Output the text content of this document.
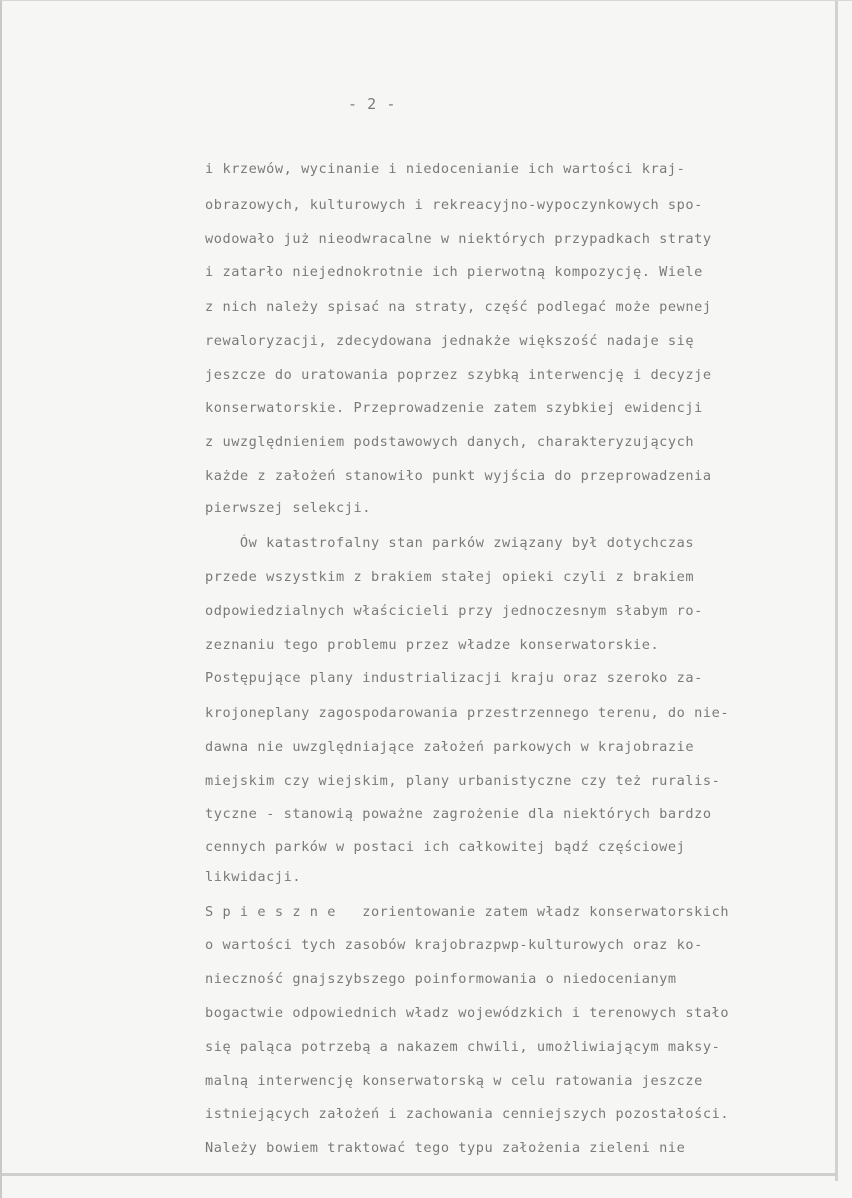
- 2 -
i krzewów, wycinanie i niedocenianie ich wartości kraj-
obrazowych, kulturowych i rekreacyjno-wypoczynkowych spo-
wodowało już nieodwracalne w niektórych przypadkach straty
i zatarło niejednokrotnie ich pierwotną kompozycję. Wiele
z nich należy spisać na straty, część podlegać może pewnej
rewaloryzacji, zdecydowana jednakże większość nadaje się
jeszcze do uratowania poprzez szybką interwencję i decyzje
konserwatorskie. Przeprowadzenie zatem szybkiej ewidencji
z uwzględnieniem podstawowych danych, charakteryzujących
każde z założeń stanowiło punkt wyjścia do przeprowadzenia
pierwszej selekcji.
Ów katastrofalny stan parków związany był dotychczas
przede wszystkim z brakiem stałej opieki czyli z brakiem
odpowiedzialnych właścicieli przy jednoczesnym słabym ro-
zeznaniu tego problemu przez władze konserwatorskie.
Postępujące plany industrializacji kraju oraz szeroko za-
krojoneplany zagospodarowania przestrzennego terenu, do nie-
dawna nie uwzględniające założeń parkowych w krajobrazie
miejskim czy wiejskim, plany urbanistyczne czy też ruralis-
tyczne - stanowią poważne zagrożenie dla niektórych bardzo
cennych parków w postaci ich całkowitej bądź częściowej
likwidacji.
S p i e s z n e   zorientowanie zatem władz konserwatorskich
o wartości tych zasobów krajobrazpwp-kulturowych oraz ko-
nieczność gnajszybszego poinformowania o niedocenianym
bogactwie odpowiednich władz wojewódzkich i terenowych stało
się paląca potrzebą a nakazem chwili, umożliwiającym maksy-
malną interwencję konserwatorską w celu ratowania jeszcze
istniejących założeń i zachowania cenniejszych pozostałości.
Należy bowiem traktować tego typu założenia zieleni nie
